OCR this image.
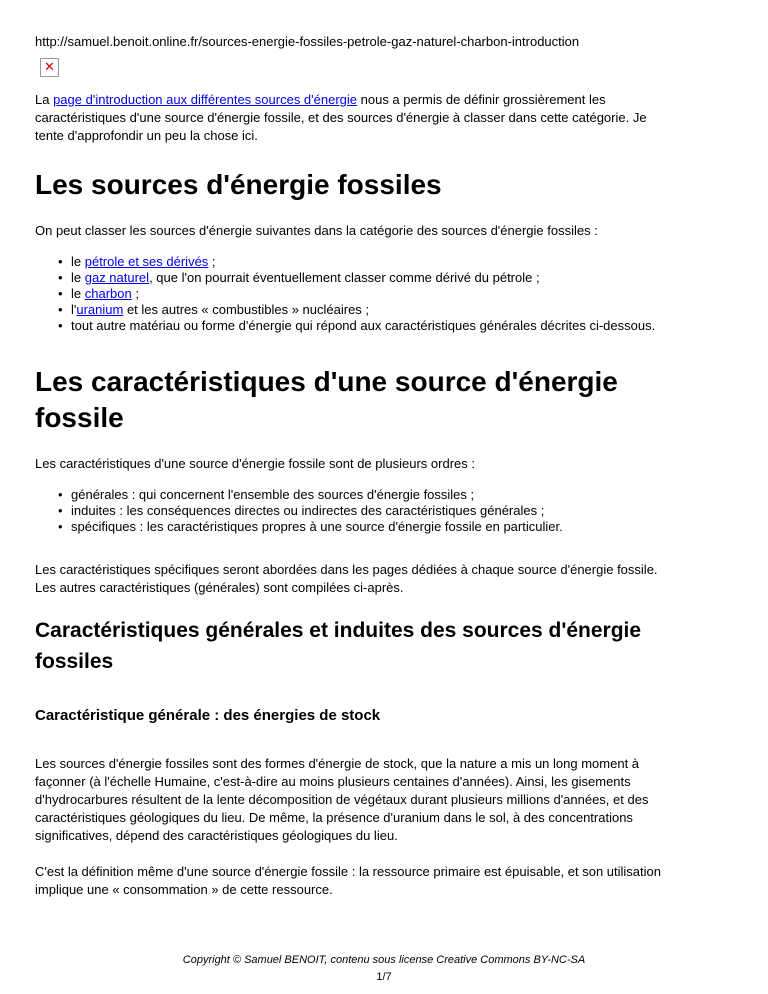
http://samuel.benoit.online.fr/sources-energie-fossiles-petrole-gaz-naturel-charbon-introduction
✕

La page d'introduction aux différentes sources d'énergie nous a permis de définir grossièrement les
caractéristiques d'une source d'énergie fossile, et des sources d'énergie à classer dans cette catégorie. Je
tente d'approfondir un peu la chose ici.

Les sources d'énergie fossiles

On peut classer les sources d'énergie suivantes dans la catégorie des sources d'énergie fossiles :

• le pétrole et ses dérivés ;
• le gaz naturel, que l'on pourrait éventuellement classer comme dérivé du pétrole ;
• le charbon ;
• l'uranium et les autres « combustibles » nucléaires ;
• tout autre matériau ou forme d'énergie qui répond aux caractéristiques générales décrites ci-dessous.
Les caractéristiques d'une source d'énergie
fossile

Les caractéristiques d'une source d'énergie fossile sont de plusieurs ordres :

• générales : qui concernent l'ensemble des sources d'énergie fossiles ;
• induites : les conséquences directes ou indirectes des caractéristiques générales ;
• spécifiques : les caractéristiques propres à une source d'énergie fossile en particulier.

Les caractéristiques spécifiques seront abordées dans les pages dédiées à chaque source d'énergie fossile.
Les autres caractéristiques (générales) sont compilées ci-après.

Caractéristiques générales et induites des sources d'énergie
fossiles
Caractéristique générale : des énergies de stock

Les sources d'énergie fossiles sont des formes d'énergie de stock, que la nature a mis un long moment à
façonner (à l'échelle Humaine, c'est-à-dire au moins plusieurs centaines d'années). Ainsi, les gisements
d'hydrocarbures résultent de la lente décomposition de végétaux durant plusieurs millions d'années, et des
caractéristiques géologiques du lieu. De même, la présence d'uranium dans le sol, à des concentrations
significatives, dépend des caractéristiques géologiques du lieu.

C'est la définition même d'une source d'énergie fossile : la ressource primaire est épuisable, et son utilisation
implique une « consommation » de cette ressource.

Copyright © Samuel BENOIT, contenu sous license Creative Commons BY-NC-SA
1/7
